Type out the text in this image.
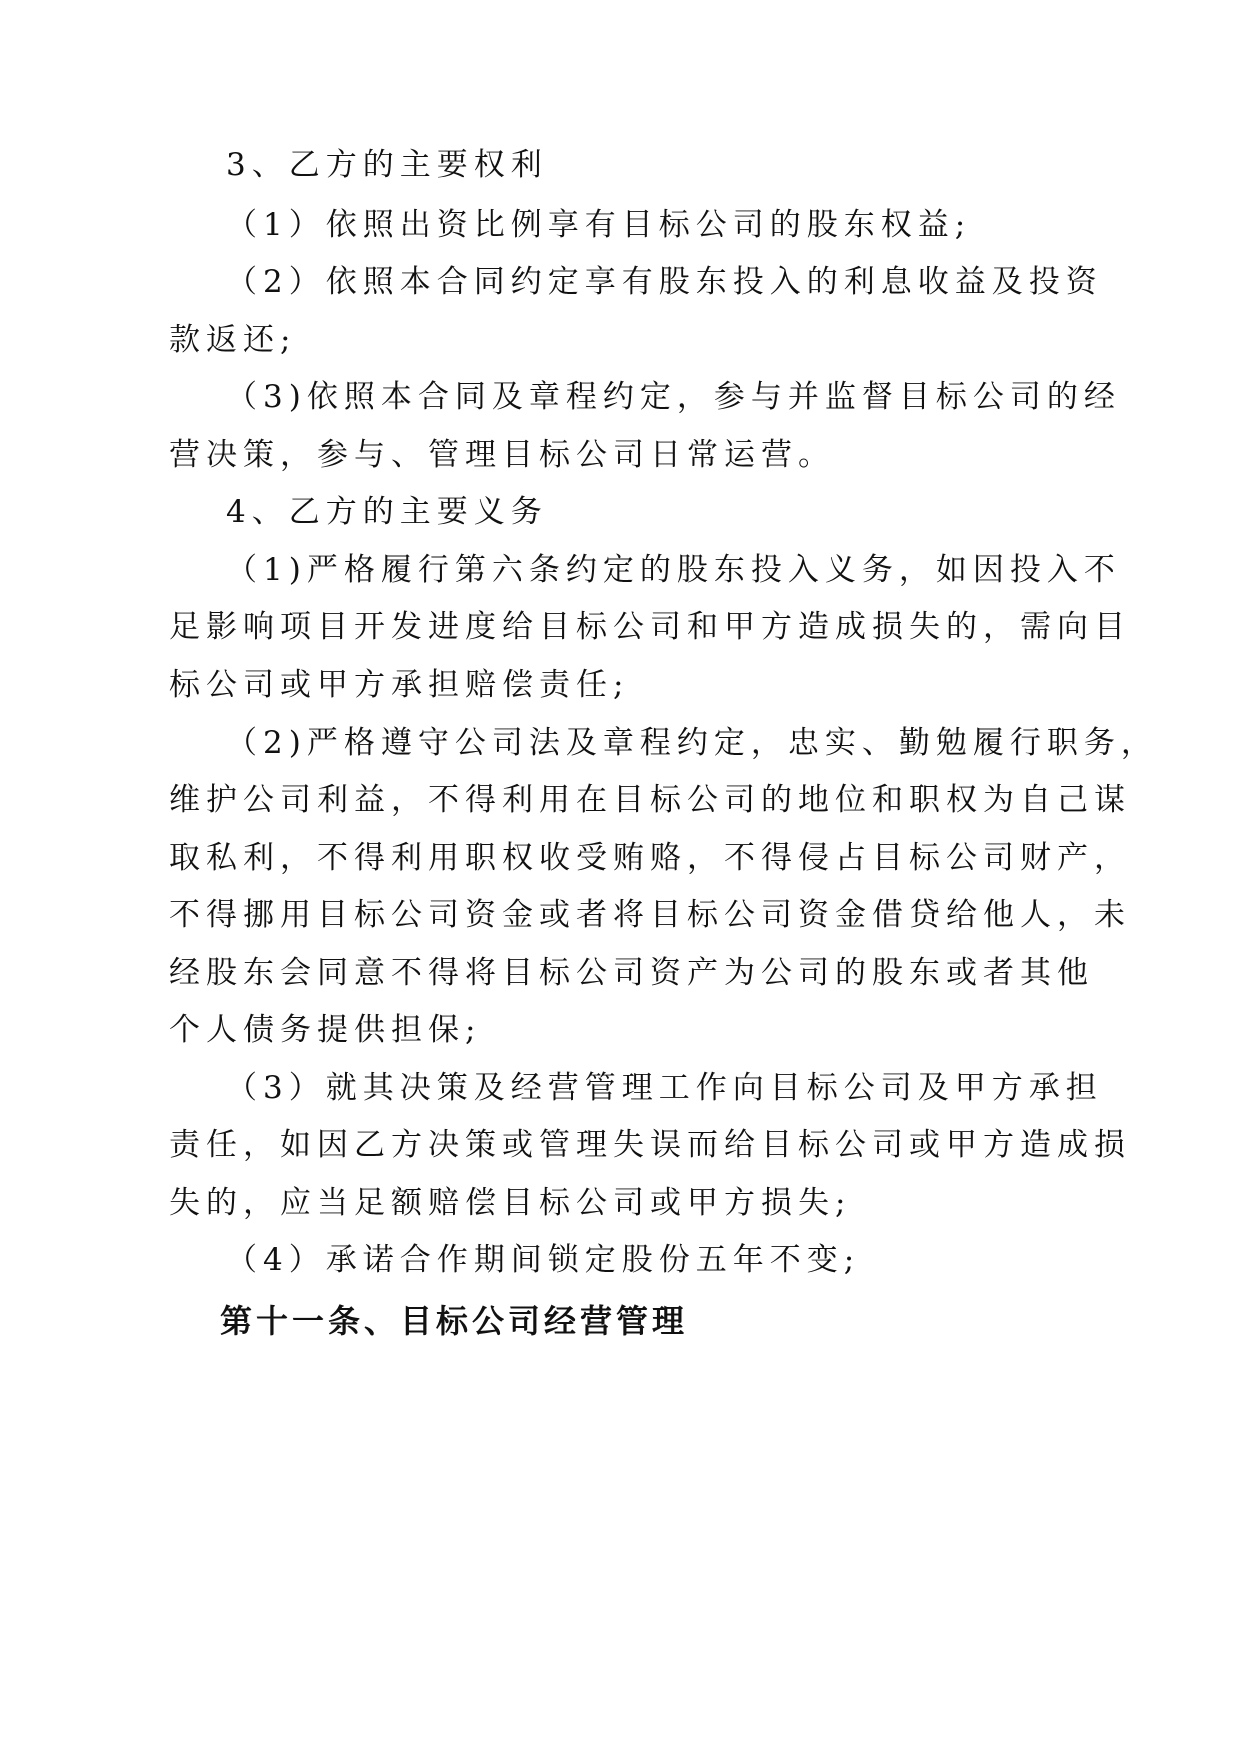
3、乙方的主要权利
（1）依照出资比例享有目标公司的股东权益;
（2）依照本合同约定享有股东投入的利息收益及投资
款返还;
（3)依照本合同及章程约定，参与并监督目标公司的经
营决策，参与、管理目标公司日常运营。
4、乙方的主要义务
（1)严格履行第六条约定的股东投入义务，如因投入不
足影响项目开发进度给目标公司和甲方造成损失的，需向目
标公司或甲方承担赔偿责任;
（2)严格遵守公司法及章程约定，忠实、勤勉履行职务，
维护公司利益，不得利用在目标公司的地位和职权为自己谋
取私利，不得利用职权收受贿赂，不得侵占目标公司财产，
不得挪用目标公司资金或者将目标公司资金借贷给他人，未
经股东会同意不得将目标公司资产为公司的股东或者其他
个人债务提供担保;
（3）就其决策及经营管理工作向目标公司及甲方承担
责任，如因乙方决策或管理失误而给目标公司或甲方造成损
失的，应当足额赔偿目标公司或甲方损失;
（4）承诺合作期间锁定股份五年不变;
第十一条、目标公司经营管理
